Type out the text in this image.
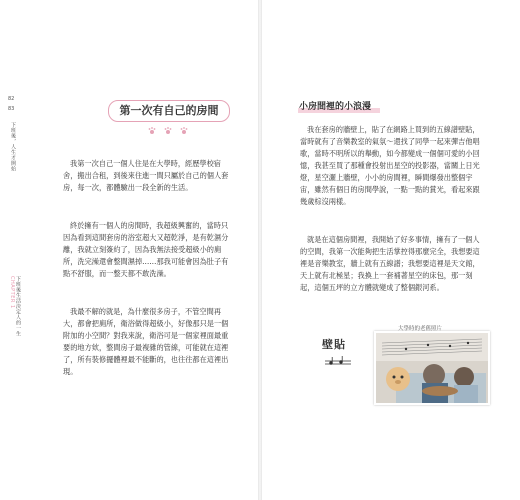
82
83
下班後，人生才開始
CHAPTER 1 下班後生活決定人的一生
第一次有自己的房間

我第一次自己一個人住是在大學時，經歷學校宿舍，搬出合租，到後來住進一間只屬於自己的個人套房，每一次，都體驗出一段全新的生活。

終於擁有一個人的房間時，我超級興奮的，當時只因為看到這間套房的浴室超大又超乾淨，是有乾濕分離，我就立刻簽約了，因為我無法接受超級小的廁所，洗完澡還會整間濕掉……那我可能會因為肚子有點不舒服，而一整天都不敢洗澡。

我最不解的就是，為什麼很多房子，不管空間再大，都會把廁所，衛浴做得超級小，好像那只是一個附加的小空間？對我來說，衛浴可是一個家裡面最重要的地方欸，整間房子最複雜的管線，可能就在這裡了，所有裝修擺體裡最不能斷的，也往往都在這裡出現。

小房間裡的小浪漫

我在套房的牆壁上，貼了在網路上買到的五線譜壁貼，當時就有了音樂教室的氣氛～還找了同學一起來彈吉他唱歌，當時不明所以的舉動，如今都變成一個個可愛的小回憶，我甚至買了那種會投射出星空的投影器，當關上日光燈，星空灑上牆壁，小小的房間裡，瞬間爆發出整個宇宙，雖然有個日的房間學說，一點一點的賞光，看起來跟幾歲棕沒兩樣。

就是在這個房間裡，我開始了好多事情，擁有了一個人的空間，我第一次能夠把生活掌控得那麼完全，我想要這裡是音樂教室，牆上就有五線譜；我想要這裡是天文館，天上就有北極星；我換上一套補著星空的床包，那一刻起，這個五坪的立方體就變成了整個銀河系。

大學時的老舊照片
壁貼
